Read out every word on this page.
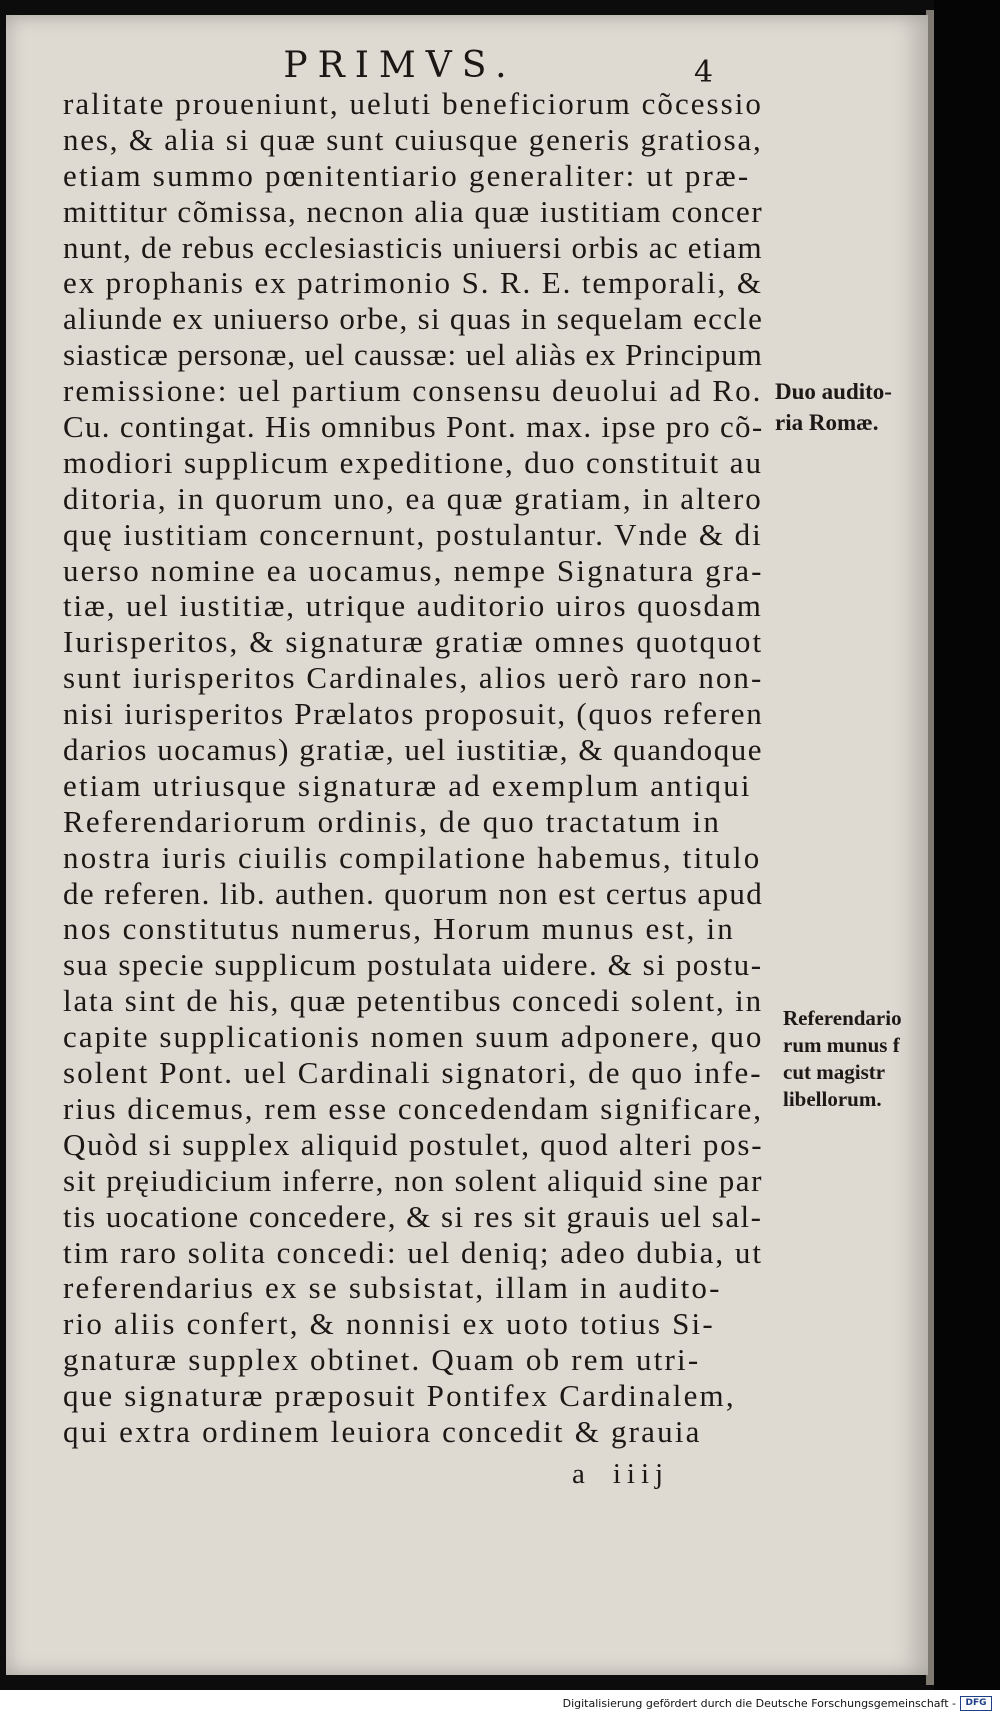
PRIMVS.	4
ralitate proueniunt, ueluti beneficiorum cõcessio
nes, & alia si quæ sunt cuiusque generis gratiosa,
etiam summo pœnitentiario generaliter: ut præ-
mittitur cõmissa, necnon alia quæ iustitiam concer
nunt, de rebus ecclesiasticis uniuersi orbis ac etiam
ex prophanis ex patrimonio S. R. E. temporali, &
aliunde ex uniuerso orbe, si quas in sequelam eccle
siasticæ personæ, uel caussæ: uel aliàs ex Principum
remissione: uel partium consensu deuolui ad Ro.
Cu. contingat. His omnibus Pont. max. ipse pro cõ-
modiori supplicum expeditione, duo constituit au
ditoria, in quorum uno, ea quæ gratiam, in altero
quę iustitiam concernunt, postulantur. Vnde & di
uerso nomine ea uocamus, nempe Signatura gra-
tiæ, uel iustitiæ, utrique auditorio uiros quosdam
Iurisperitos, & signaturæ gratiæ omnes quotquot
sunt iurisperitos Cardinales, alios uerò raro non-
nisi iurisperitos Prælatos proposuit, (quos referen
darios uocamus) gratiæ, uel iustitiæ, & quandoque
etiam utriusque signaturæ ad exemplum antiqui
Referendariorum ordinis, de quo tractatum in
nostra iuris ciuilis compilatione habemus, titulo
de referen. lib. authen. quorum non est certus apud
nos constitutus numerus, Horum munus est, in
sua specie supplicum postulata uidere. & si postu-
lata sint de his, quæ petentibus concedi solent, in
capite supplicationis nomen suum adponere, quo
solent Pont. uel Cardinali signatori, de quo infe-
rius dicemus, rem esse concedendam significare,
Quòd si supplex aliquid postulet, quod alteri pos-
sit pręiudicium inferre, non solent aliquid sine par
tis uocatione concedere, & si res sit grauis uel sal-
tim raro solita concedi: uel deniq; adeo dubia, ut
referendarius ex se subsistat, illam in audito-
rio aliis confert, & nonnisi ex uoto totius Si-
gnaturæ supplex obtinet. Quam ob rem utri-
que signaturæ præposuit Pontifex Cardinalem,
qui extra ordinem leuiora concedit & grauia
Duo audito-
ria Romæ.
Referendario
rum munus f
cut magistr
libellorum.
a iiij
Digitalisierung gefördert durch die Deutsche Forschungsgemeinschaft -	DFG
